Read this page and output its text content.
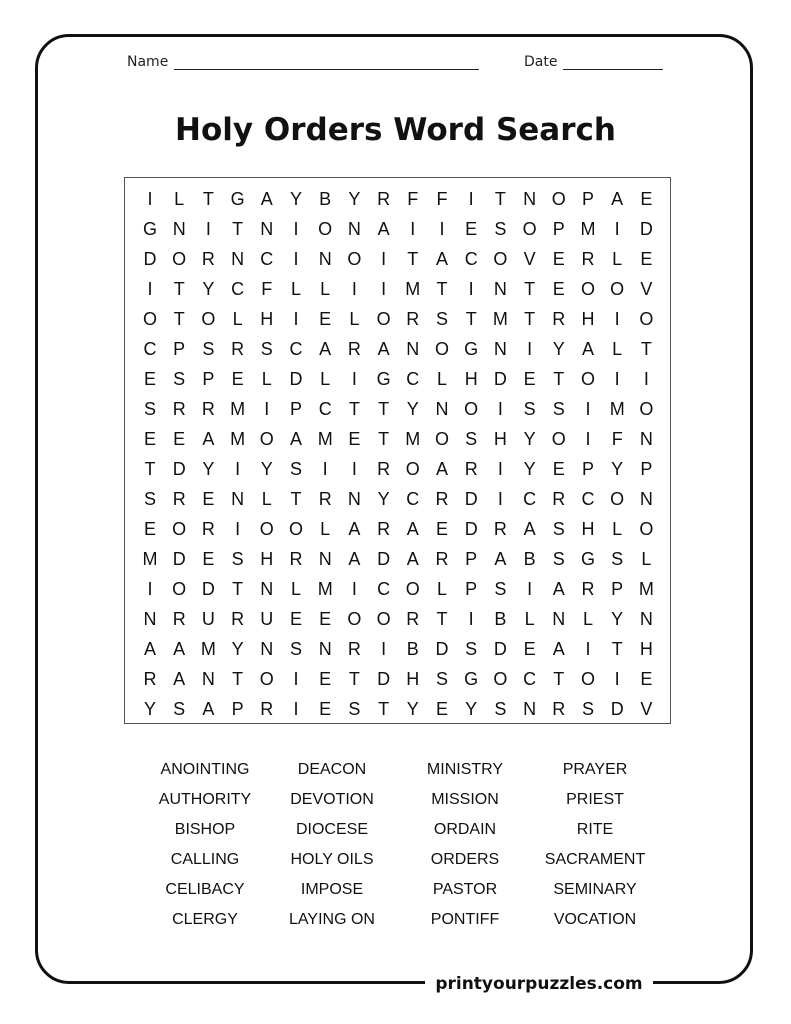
Name	Date
Holy Orders Word Search
I	L	T G A Y B Y R F	F	I	T N O P A E
G N	I	T N	I	O N A	I	I	E S O P M	I	D
D O R N C	I	N O	I	T A C O V E R L	E
I	T Y C F	L	L	I	I	M T	I	N T E O O V
O T O L H	I	E	L O R S T M T R H	I	O
C P S R S C A R A N O G N	I	Y A	L	T
E S P E	L D L	I	G C L H D E T O	I	I
S R R M	I	P C T	T Y N O	I	S S	I	M O
E E A M O A M E T M O S H Y O	I	F N
T D Y	I	Y S	I	I	R O A R	I	Y E P Y P
S R E N L	T R N Y C R D	I	C R C O N
E O R	I	O O L	A R A E D R A S H L O
M D E S H R N A D A R P A B S G S	L
I	O D T N L M	I	C O L	P S	I	A R P M
N R U R U E E O O R T	I	B	L N L	Y N
A A M Y N S N R	I	B D S D E A	I	T H
R A N T O	I	E T D H S G O C T O	I	E
Y S A P R	I	E S T Y E Y S N R S D V
ANOINTING	DEACON	MINISTRY	PRAYER
AUTHORITY	DEVOTION	MISSION	PRIEST
BISHOP	DIOCESE	ORDAIN	RITE
CALLING	HOLY OILS	ORDERS	SACRAMENT
CELIBACY	IMPOSE	PASTOR	SEMINARY
CLERGY	LAYING ON	PONTIFF	VOCATION
printyourpuzzles.com
